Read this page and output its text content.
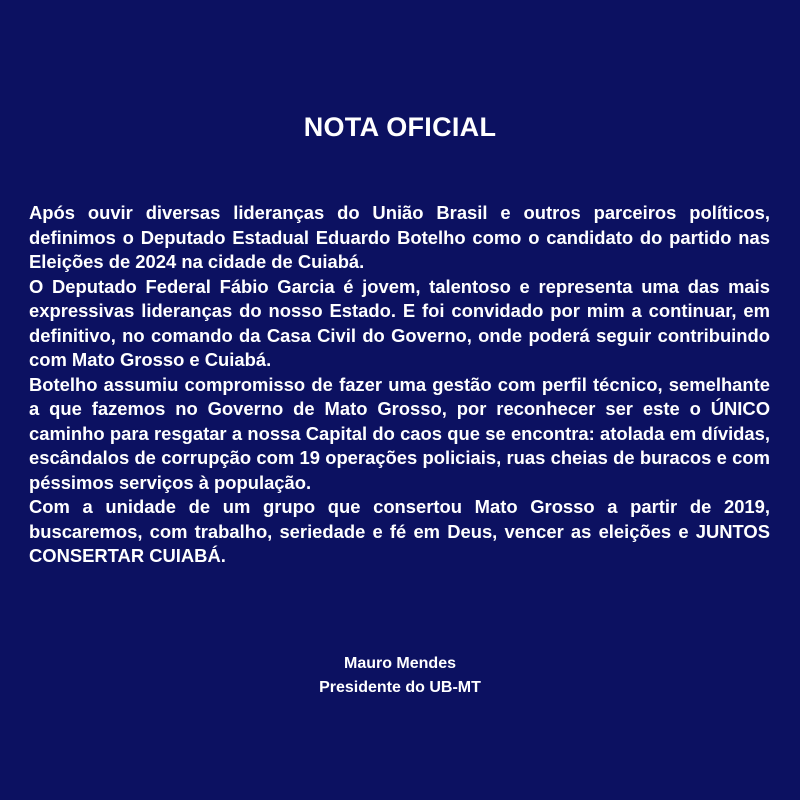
NOTA OFICIAL

Após ouvir diversas lideranças do União Brasil e outros parceiros políticos, definimos o Deputado Estadual Eduardo Botelho como o candidato do partido nas Eleições de 2024 na cidade de Cuiabá.

O Deputado Federal Fábio Garcia é jovem, talentoso e representa uma das mais expressivas lideranças do nosso Estado. E foi convidado por mim a continuar, em definitivo, no comando da Casa Civil do Governo, onde poderá seguir contribuindo com Mato Grosso e Cuiabá.

Botelho assumiu compromisso de fazer uma gestão com perfil técnico, semelhante a que fazemos no Governo de Mato Grosso, por reconhecer ser este o ÚNICO caminho para resgatar a nossa Capital do caos que se encontra: atolada em dívidas, escândalos de corrupção com 19 operações policiais, ruas cheias de buracos e com péssimos serviços à população.

Com a unidade de um grupo que consertou Mato Grosso a partir de 2019, buscaremos, com trabalho, seriedade e fé em Deus, vencer as eleições e JUNTOS CONSERTAR CUIABÁ.

Mauro Mendes
Presidente do UB-MT
